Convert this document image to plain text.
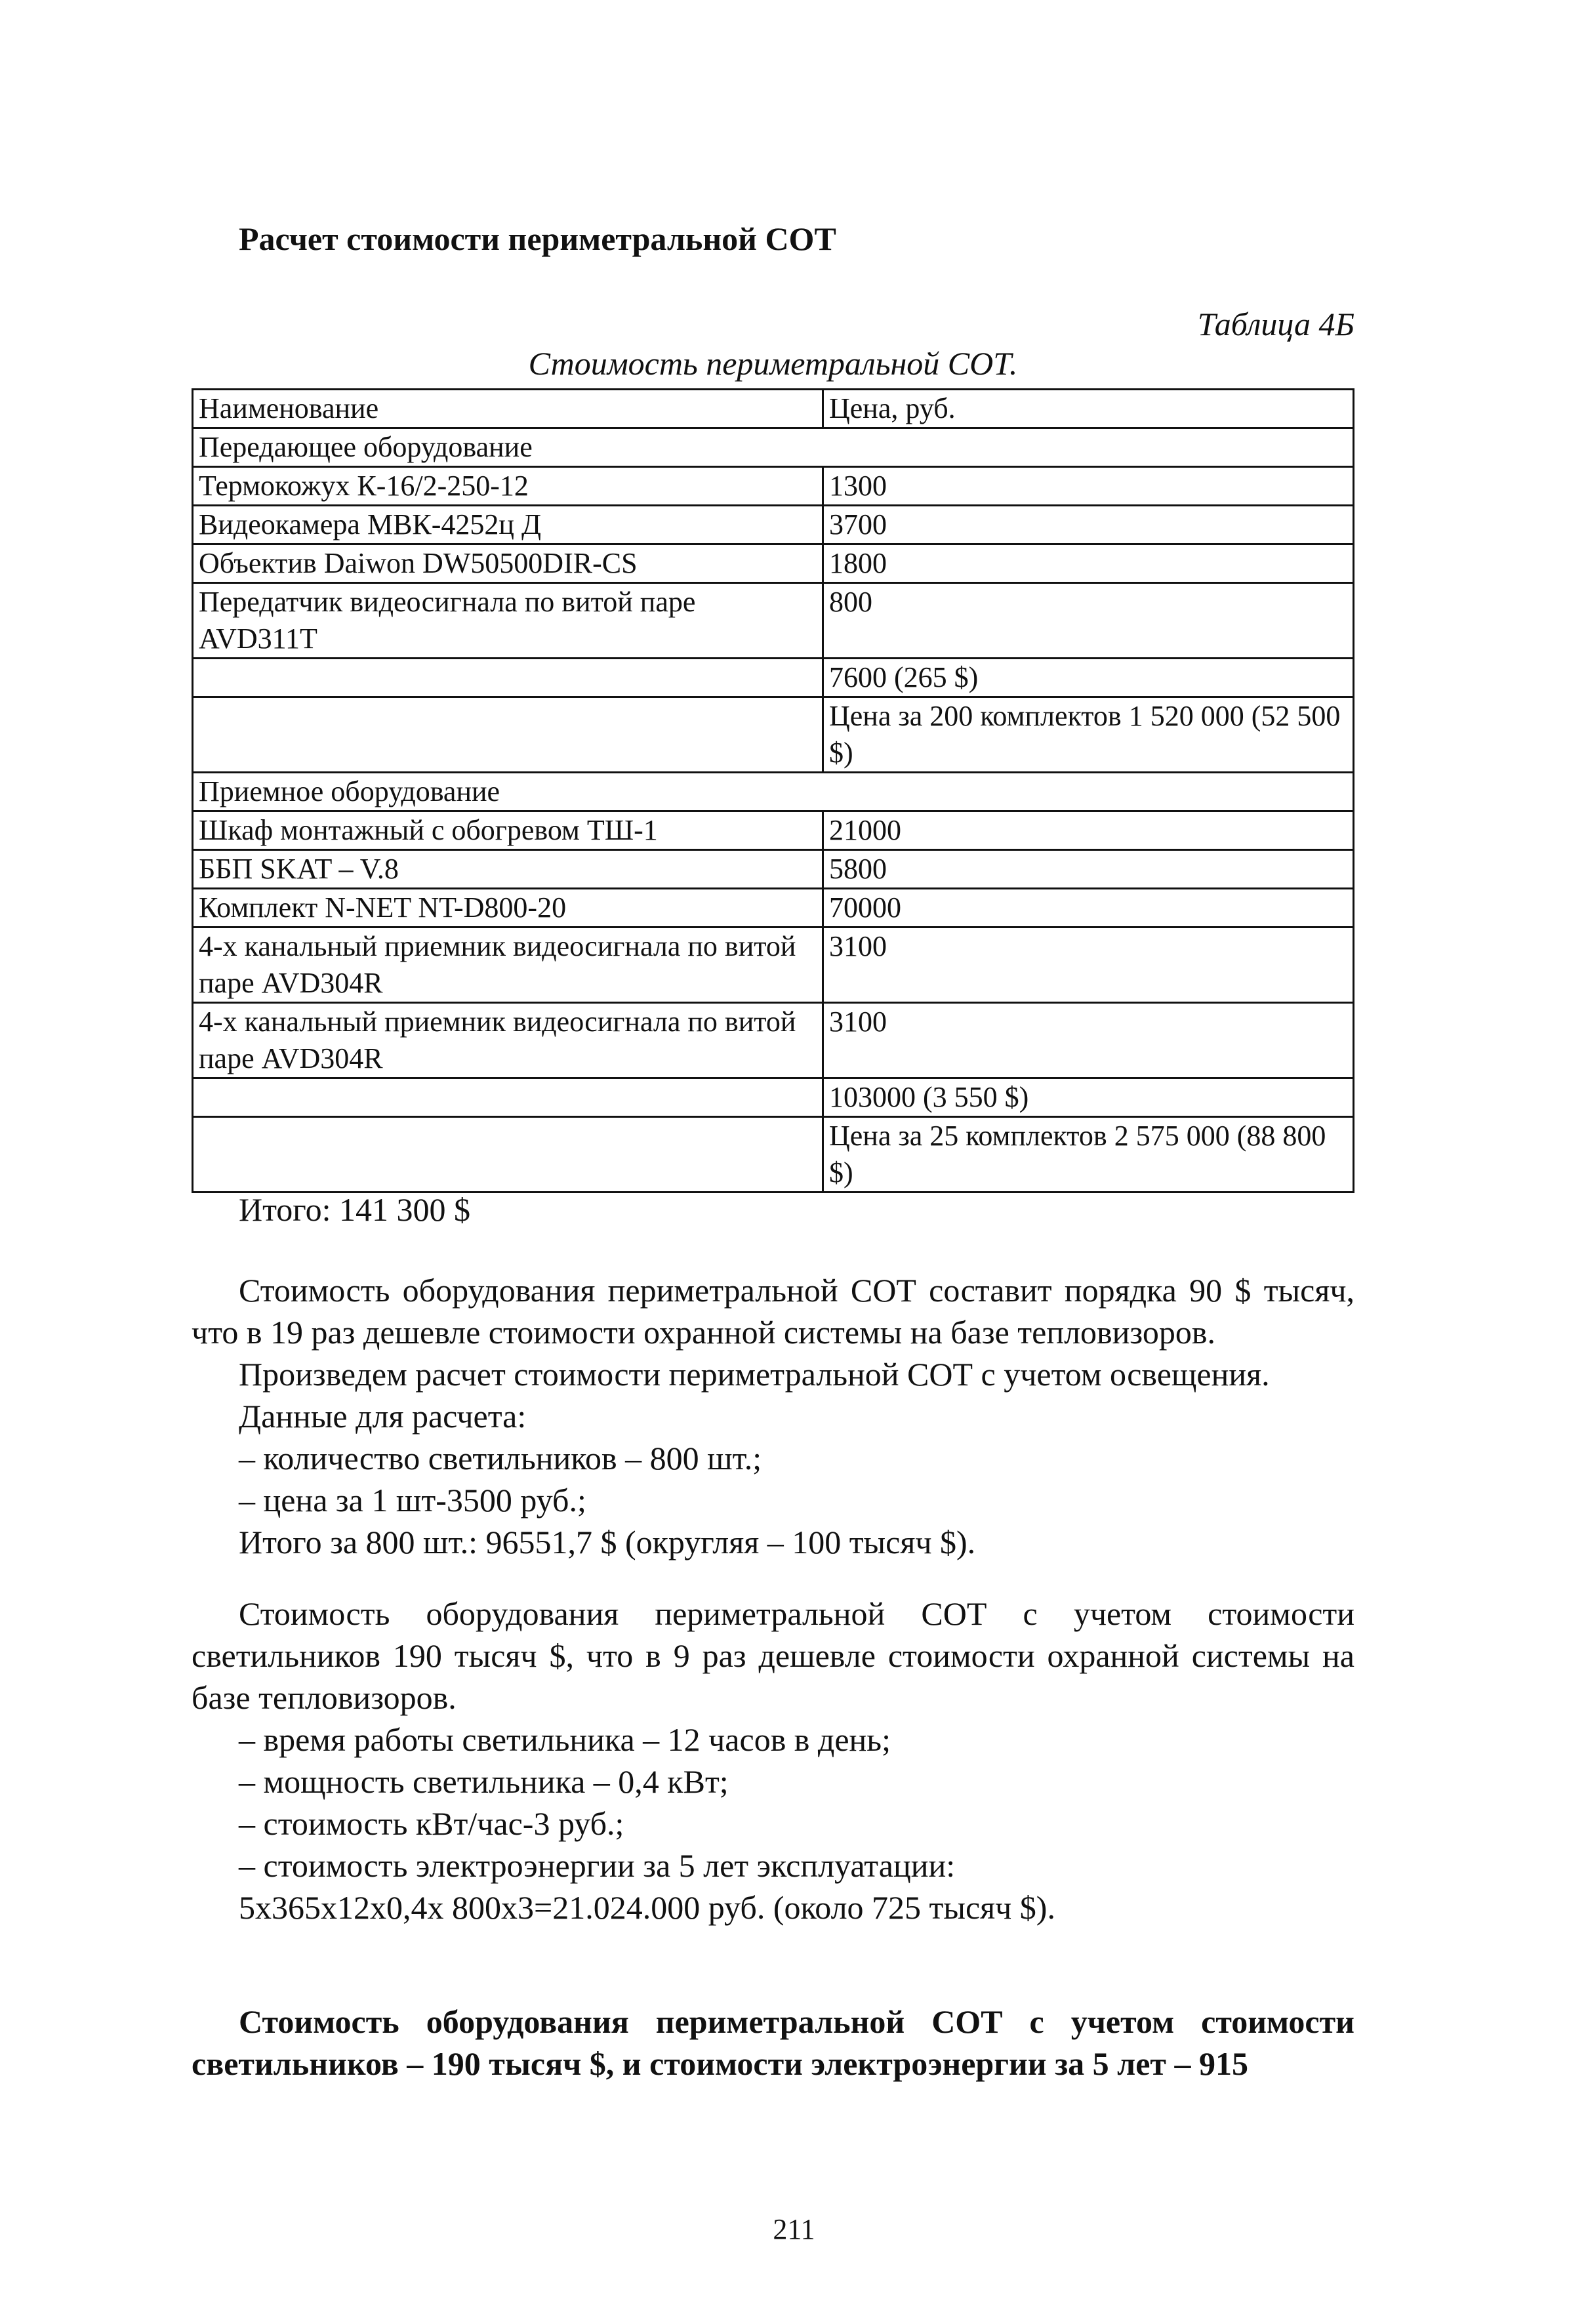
Расчет стоимости периметральной СОТ
Таблица 4Б
Стоимость периметральной СОТ.
Наименование	Цена, руб.
Передающее оборудование	
Термокожух К-16/2-250-12	1300
Видеокамера МВК-4252ц Д	3700
Объектив Daiwon DW50500DIR-CS	1800
Передатчик видеосигнала по витой паре AVD311T	800
	7600 (265 $)
	Цена за 200 комплектов 1 520 000 (52 500 $)
Приемное оборудование	
Шкаф монтажный с обогревом ТШ-1	21000
ББП SKAT – V.8	5800
Комплект N-NET NT-D800-20	70000
4-х канальный приемник видеосигнала по витой паре AVD304R	3100
4-х канальный приемник видеосигнала по витой паре AVD304R	3100
	103000 (3 550 $)
	Цена за 25 комплектов 2 575 000 (88 800 $)
Итого: 141 300 $

Стоимость оборудования периметральной СОТ составит порядка 90 $ тысяч, что в 19 раз дешевле стоимости охранной системы на базе тепловизоров.

Произведем расчет стоимости периметральной СОТ с учетом освещения.

Данные для расчета:

– количество светильников – 800 шт.;

– цена за 1 шт-3500 руб.;

Итого за 800 шт.: 96551,7 $ (округляя – 100 тысяч $).

Стоимость оборудования периметральной СОТ с учетом стоимости светильников 190 тысяч $, что в 9 раз дешевле стоимости охранной системы на базе тепловизоров.

– время работы светильника – 12 часов в день;

– мощность светильника – 0,4 кВт;

– стоимость кВт/час-3 руб.;

– стоимость электроэнергии за 5 лет эксплуатации:

5x365x12x0,4x 800x3=21.024.000 руб. (около 725 тысяч $).

Стоимость оборудования периметральной СОТ с учетом стоимости светильников – 190 тысяч $, и стоимости электроэнергии за 5 лет – 915

211
